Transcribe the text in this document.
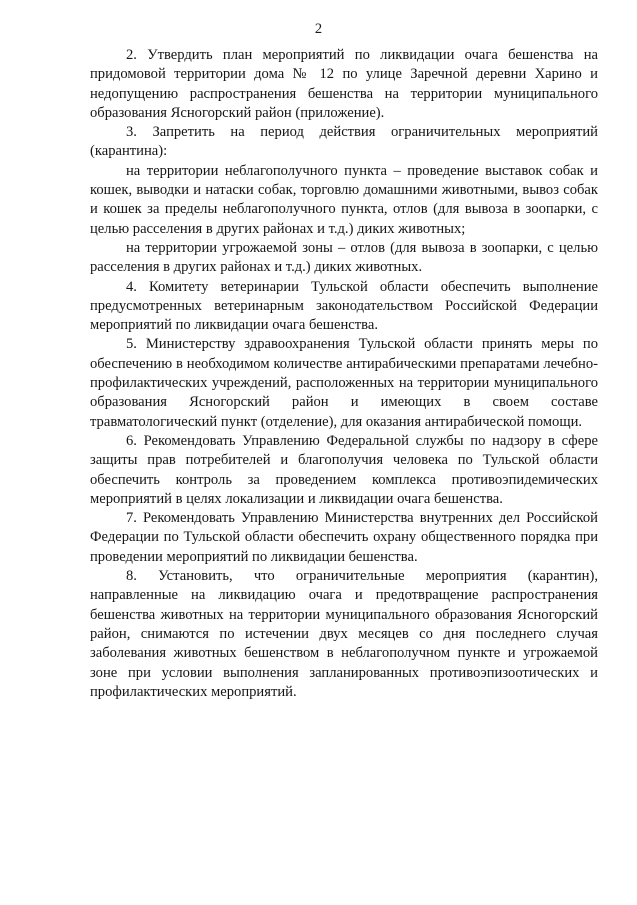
2

2. Утвердить план мероприятий по ликвидации очага бешенства на придомовой территории дома № 12 по улице Заречной деревни Харино и недопущению распространения бешенства на территории муниципального образования Ясногорский район (приложение).

3. Запретить на период действия ограничительных мероприятий (карантина):

на территории неблагополучного пункта – проведение выставок собак и кошек, выводки и натаски собак, торговлю домашними животными, вывоз собак и кошек за пределы неблагополучного пункта, отлов (для вывоза в зоопарки, с целью расселения в других районах и т.д.) диких животных;

на территории угрожаемой зоны – отлов (для вывоза в зоопарки, с целью расселения в других районах и т.д.) диких животных.

4. Комитету ветеринарии Тульской области обеспечить выполнение предусмотренных ветеринарным законодательством Российской Федерации мероприятий по ликвидации очага бешенства.

5. Министерству здравоохранения Тульской области принять меры по обеспечению в необходимом количестве антирабическими препаратами лечебно-профилактических учреждений, расположенных на территории муниципального образования Ясногорский район и имеющих в своем составе травматологический пункт (отделение), для оказания антирабической помощи.

6. Рекомендовать Управлению Федеральной службы по надзору в сфере защиты прав потребителей и благополучия человека по Тульской области обеспечить контроль за проведением комплекса противоэпидемических мероприятий в целях локализации и ликвидации очага бешенства.

7. Рекомендовать Управлению Министерства внутренних дел Российской Федерации по Тульской области обеспечить охрану общественного порядка при проведении мероприятий по ликвидации бешенства.

8. Установить, что ограничительные мероприятия (карантин), направленные на ликвидацию очага и предотвращение распространения бешенства животных на территории муниципального образования Ясногорский район, снимаются по истечении двух месяцев со дня последнего случая заболевания животных бешенством в неблагополучном пункте и угрожаемой зоне при условии выполнения запланированных противоэпизоотических и профилактических мероприятий.
